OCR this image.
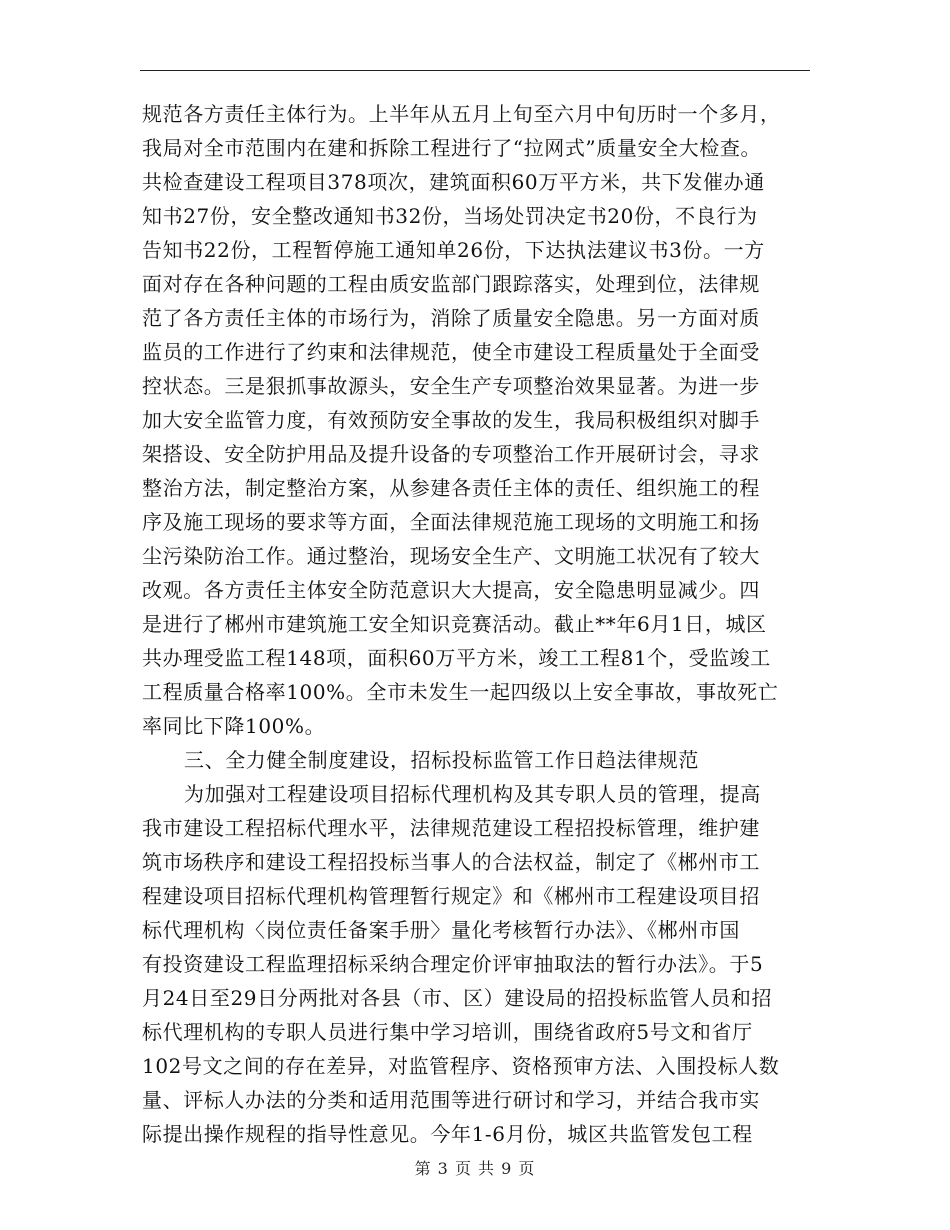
规范各方责任主体行为。上半年从五月上旬至六月中旬历时一个多月，
我局对全市范围内在建和拆除工程进行了“拉网式”质量安全大检查。
共检查建设工程项目378项次，建筑面积60万平方米，共下发催办通
知书27份，安全整改通知书32份，当场处罚决定书20份，不良行为
告知书22份，工程暂停施工通知单26份，下达执法建议书3份。一方
面对存在各种问题的工程由质安监部门跟踪落实，处理到位，法律规
范了各方责任主体的市场行为，消除了质量安全隐患。另一方面对质
监员的工作进行了约束和法律规范，使全市建设工程质量处于全面受
控状态。三是狠抓事故源头，安全生产专项整治效果显著。为进一步
加大安全监管力度，有效预防安全事故的发生，我局积极组织对脚手
架搭设、安全防护用品及提升设备的专项整治工作开展研讨会，寻求
整治方法，制定整治方案，从参建各责任主体的责任、组织施工的程
序及施工现场的要求等方面，全面法律规范施工现场的文明施工和扬
尘污染防治工作。通过整治，现场安全生产、文明施工状况有了较大
改观。各方责任主体安全防范意识大大提高，安全隐患明显减少。四
是进行了郴州市建筑施工安全知识竞赛活动。截止**年6月1日，城区
共办理受监工程148项，面积60万平方米，竣工工程81个，受监竣工
工程质量合格率100%。全市未发生一起四级以上安全事故，事故死亡
率同比下降100%。
三、全力健全制度建设，招标投标监管工作日趋法律规范
为加强对工程建设项目招标代理机构及其专职人员的管理，提高
我市建设工程招标代理水平，法律规范建设工程招投标管理，维护建
筑市场秩序和建设工程招投标当事人的合法权益，制定了《郴州市工
程建设项目招标代理机构管理暂行规定》和《郴州市工程建设项目招
标代理机构〈岗位责任备案手册〉量化考核暂行办法》、《郴州市国
有投资建设工程监理招标采纳合理定价评审抽取法的暂行办法》。于5
月24日至29日分两批对各县（市、区）建设局的招投标监管人员和招
标代理机构的专职人员进行集中学习培训，围绕省政府5号文和省厅
102号文之间的存在差异，对监管程序、资格预审方法、入围投标人数
量、评标人办法的分类和适用范围等进行研讨和学习，并结合我市实
际提出操作规程的指导性意见。今年1-6月份，城区共监管发包工程
第 3 页 共 9 页
